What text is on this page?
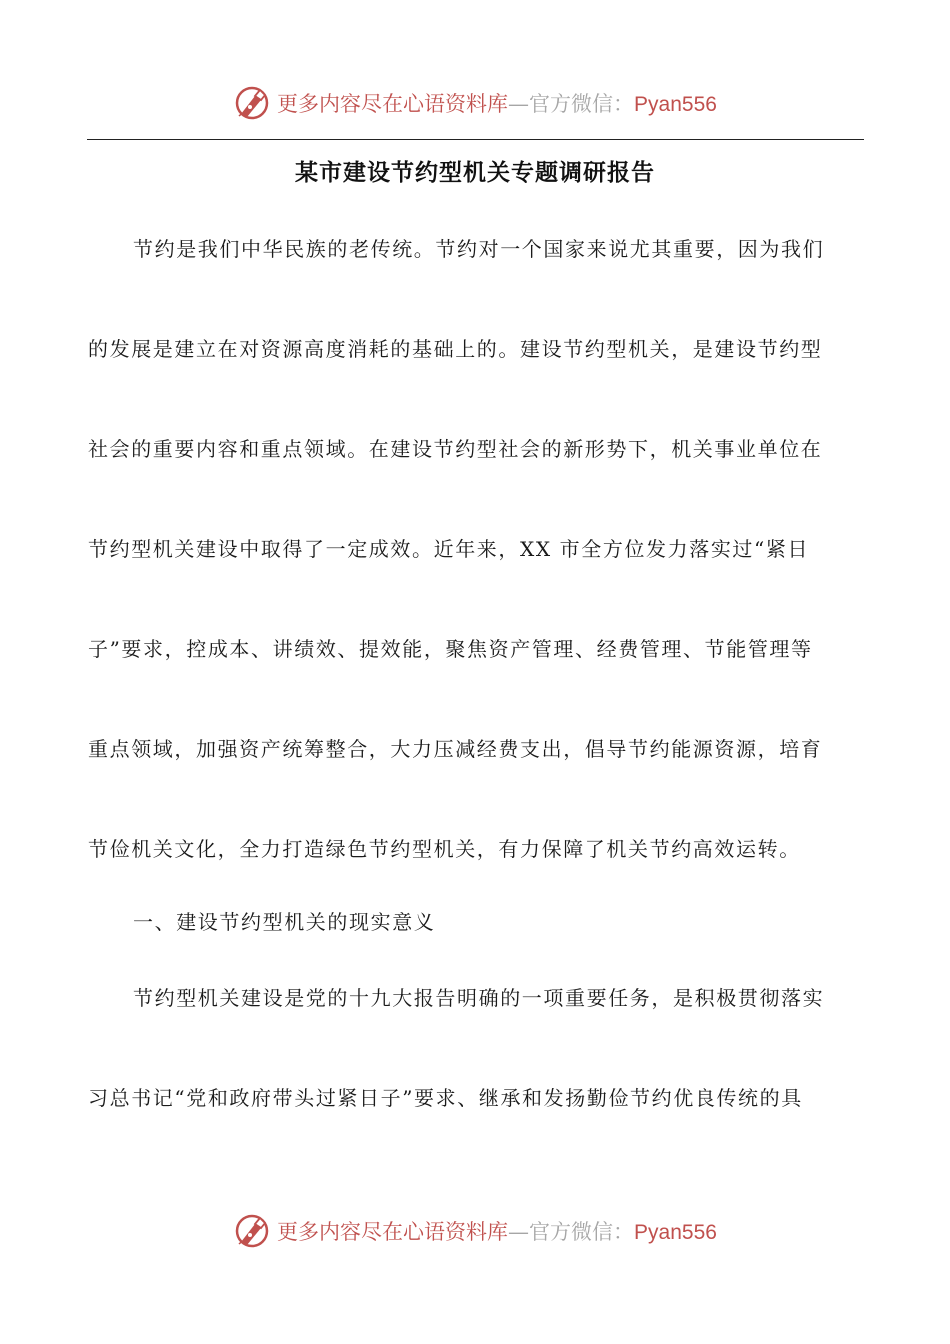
更多内容尽在心语资料库—官方微信：Pyan556
某市建设节约型机关专题调研报告
节约是我们中华民族的老传统。节约对一个国家来说尤其重要，因为我们
的发展是建立在对资源高度消耗的基础上的。建设节约型机关，是建设节约型
社会的重要内容和重点领域。在建设节约型社会的新形势下，机关事业单位在
节约型机关建设中取得了一定成效。近年来，XX 市全方位发力落实过“紧日
子”要求，控成本、讲绩效、提效能，聚焦资产管理、经费管理、节能管理等
重点领域，加强资产统筹整合，大力压减经费支出，倡导节约能源资源，培育
节俭机关文化，全力打造绿色节约型机关，有力保障了机关节约高效运转。
一、建设节约型机关的现实意义
节约型机关建设是党的十九大报告明确的一项重要任务，是积极贯彻落实
习总书记“党和政府带头过紧日子”要求、继承和发扬勤俭节约优良传统的具
更多内容尽在心语资料库—官方微信：Pyan556
